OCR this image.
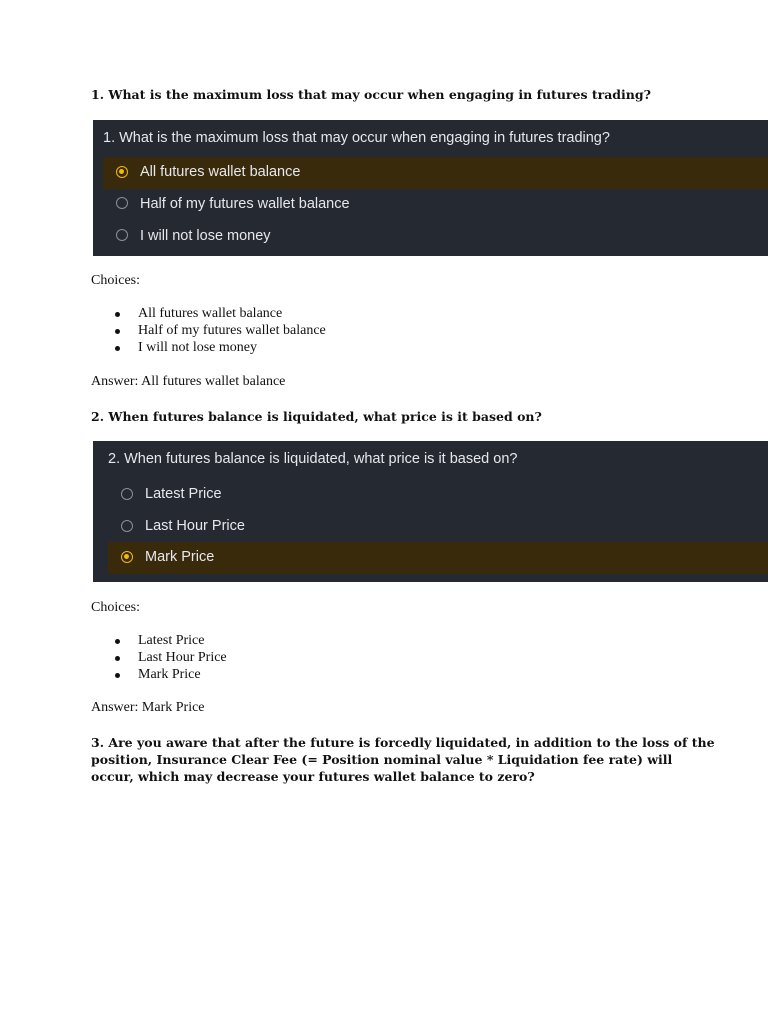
1. What is the maximum loss that may occur when engaging in futures trading?
1. What is the maximum loss that may occur when engaging in futures trading?
All futures wallet balance
Half of my futures wallet balance
I will not lose money
Choices:
All futures wallet balance
Half of my futures wallet balance
I will not lose money
Answer: All futures wallet balance
2. When futures balance is liquidated, what price is it based on?
2. When futures balance is liquidated, what price is it based on?
Latest Price
Last Hour Price
Mark Price
Choices:
Latest Price
Last Hour Price
Mark Price
Answer: Mark Price
3. Are you aware that after the future is forcedly liquidated, in addition to the loss of the
position, Insurance Clear Fee (= Position nominal value * Liquidation fee rate) will
occur, which may decrease your futures wallet balance to zero?
